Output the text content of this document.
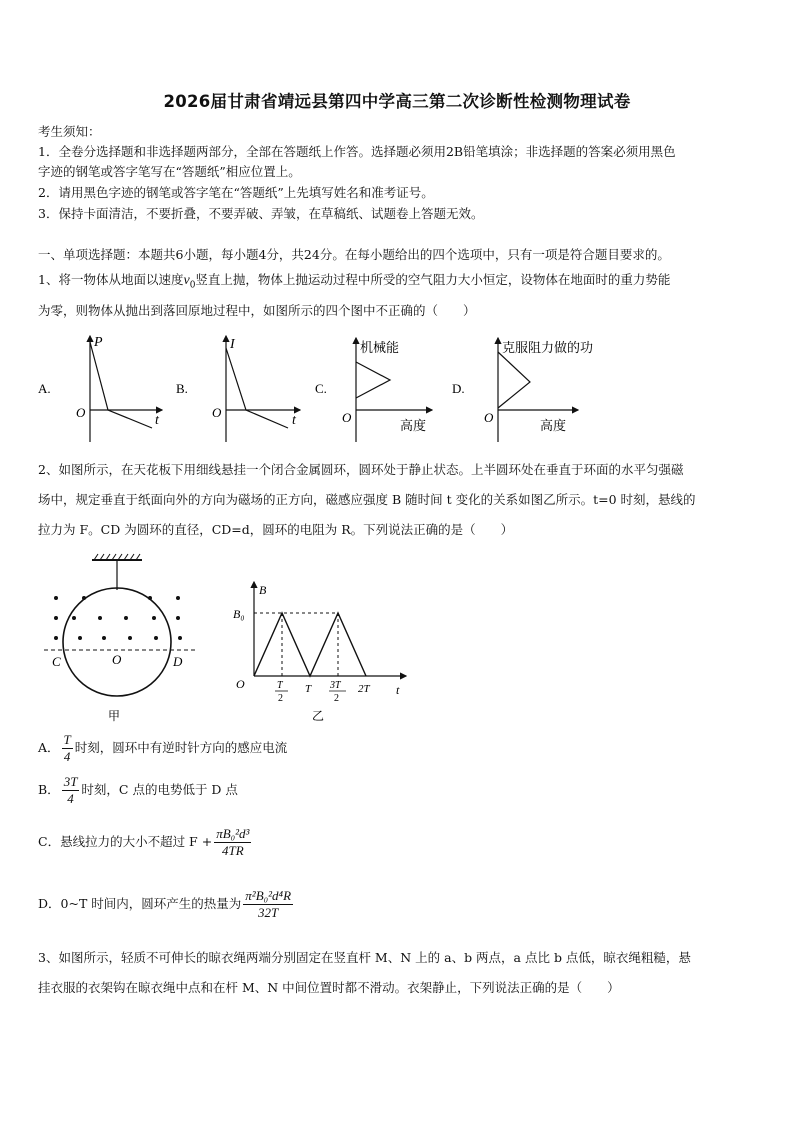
2026届甘肃省靖远县第四中学高三第二次诊断性检测物理试卷
考生须知：
1．全卷分选择题和非选择题两部分，全部在答题纸上作答。选择题必须用2B铅笔填涂；非选择题的答案必须用黑色
字迹的钢笔或答字笔写在“答题纸”相应位置上。
2．请用黑色字迹的钢笔或答字笔在“答题纸”上先填写姓名和准考证号。
3．保持卡面清洁，不要折叠，不要弄破、弄皱，在草稿纸、试题卷上答题无效。
一、单项选择题：本题共6小题，每小题4分，共24分。在每小题给出的四个选项中，只有一项是符合题目要求的。
1、将一物体从地面以速度$v_0$竖直上抛，物体上抛运动过程中所受的空气阻力大小恒定，设物体在地面时的重力势能
为零，则物体从抛出到落回原地过程中，如图所示的四个图中不正确的（　　）
A.
P
t
O
B.
I
t
O
C.
机械能
高度
O
D.
克服阻力做的功
高度
O
2、如图所示，在天花板下用细线悬挂一个闭合金属圆环，圆环处于静止状态。上半圆环处在垂直于环面的水平匀强磁
场中，规定垂直于纸面向外的方向为磁场的正方向，磁感应强度 B 随时间 t 变化的关系如图乙所示。t=0 时刻，悬线的
拉力为 F。CD 为圆环的直径，CD=d，圆环的电阻为 R。下列说法正确的是（　　）
C	O	D
甲
B
B₀
O	t
T
2
T 3T
2
2T
乙
A． $\frac{T}{4}$ 时刻，圆环中有逆时针方向的感应电流
B． $\frac{3T}{4}$ 时刻，C 点的电势低于 D 点
C．悬线拉力的大小不超过 $F + \frac{\text{πB₀²d³}}{4TR}$
D．0~T 时间内，圆环产生的热量为 $\frac{\text{π²B₀²d⁴R}}{32T}$
3、如图所示，轻质不可伸长的晾衣绳两端分别固定在竖直杆 M、N 上的 a、b 两点，a 点比 b 点低，晾衣绳粗糙，悬
挂衣服的衣架钩在晾衣绳中点和在杆 M、N 中间位置时都不滑动。衣架静止，下列说法正确的是（　　）
